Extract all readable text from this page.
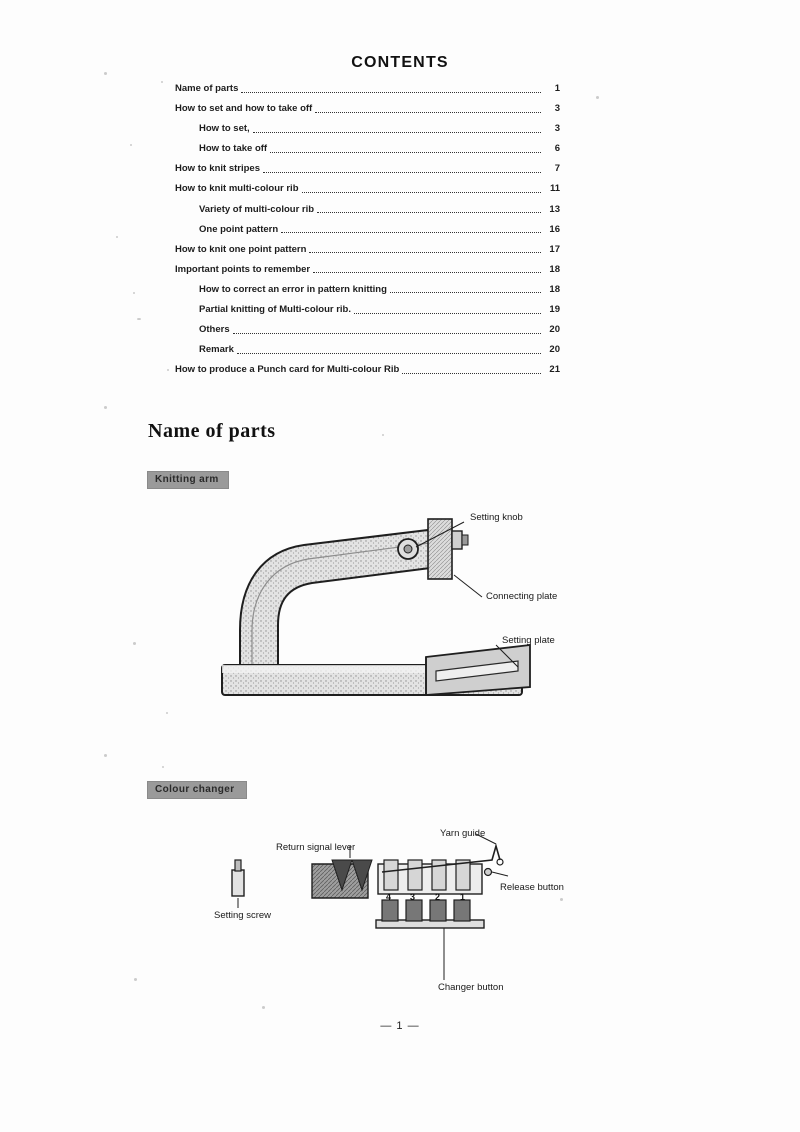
CONTENTS
Name of parts	1
How to set and how to take off	3
How to set,	3
How to take off	6
How to knit stripes	7
How to knit multi-colour rib	11
Variety of multi-colour rib	13
One point pattern	16
How to knit one point pattern	17
Important points to remember	18
How to correct an error in pattern knitting	18
Partial knitting of Multi-colour rib.	19
Others	20
Remark	20
How to produce a Punch card for Multi-colour Rib	21
Name of parts
Knitting arm
Setting knob
Connecting plate
Setting plate
Colour changer
Yarn guide
Return signal lever
Release button
Setting screw
Changer button
4 3 2 1
— 1 —
